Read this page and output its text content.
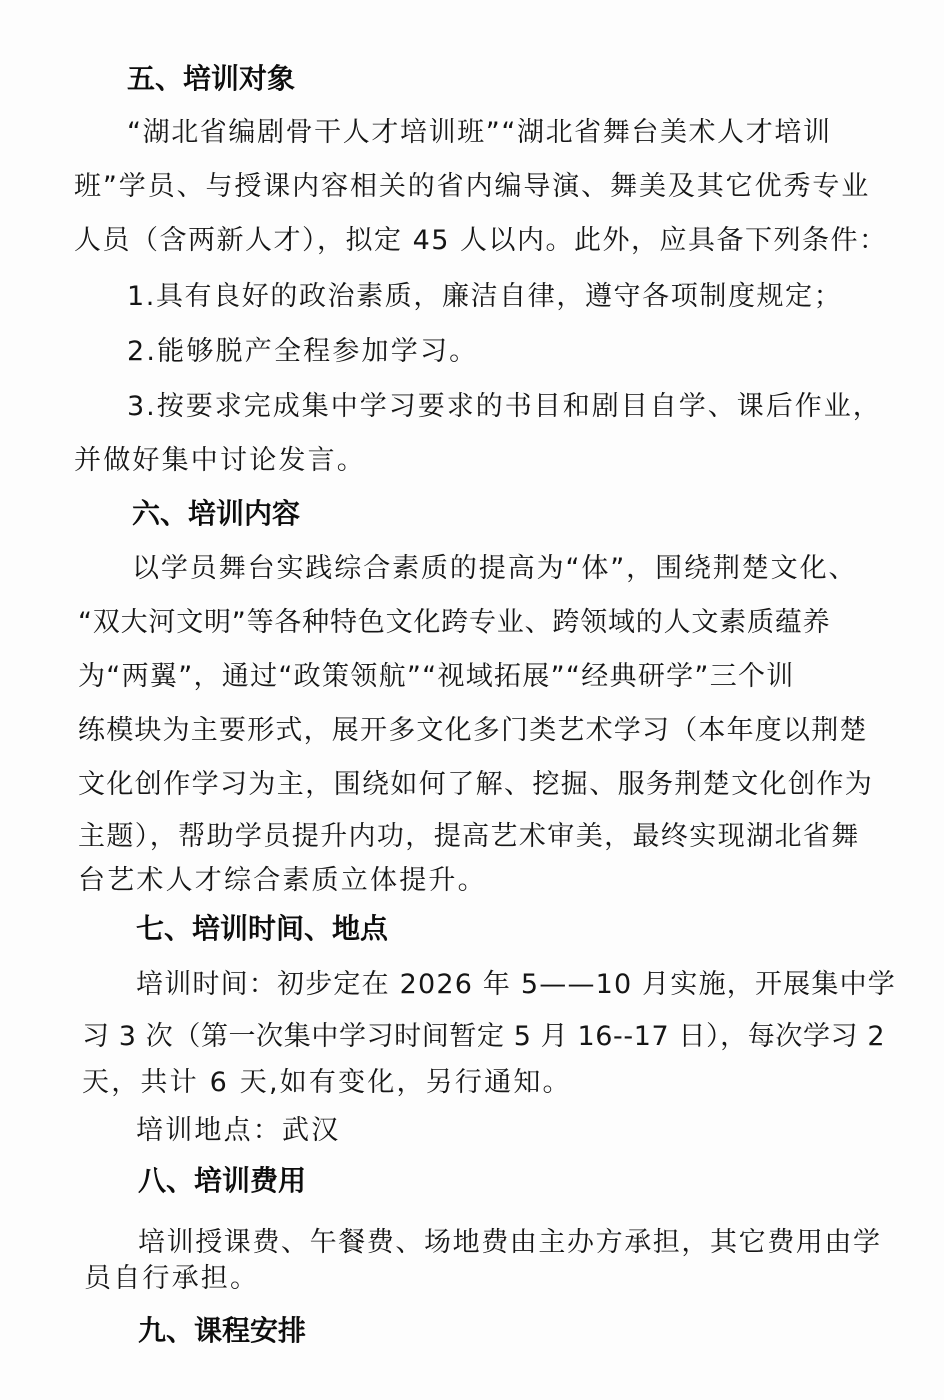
五、培训对象
“湖北省编剧骨干人才培训班”“湖北省舞台美术人才培训
班”学员、与授课内容相关的省内编导演、舞美及其它优秀专业
人员（含两新人才），拟定 45 人以内。此外，应具备下列条件：
1.具有良好的政治素质，廉洁自律，遵守各项制度规定；
2.能够脱产全程参加学习。
3.按要求完成集中学习要求的书目和剧目自学、课后作业，
并做好集中讨论发言。
六、培训内容
以学员舞台实践综合素质的提高为“体”，围绕荆楚文化、
“双大河文明”等各种特色文化跨专业、跨领域的人文素质蕴养
为“两翼”，通过“政策领航”“视域拓展”“经典研学”三个训
练模块为主要形式，展开多文化多门类艺术学习（本年度以荆楚
文化创作学习为主，围绕如何了解、挖掘、服务荆楚文化创作为
主题），帮助学员提升内功，提高艺术审美，最终实现湖北省舞
台艺术人才综合素质立体提升。
七、培训时间、地点
培训时间：初步定在 2026 年 5——10 月实施，开展集中学
习 3 次（第一次集中学习时间暂定 5 月 16--17 日），每次学习 2
天，共计 6 天,如有变化，另行通知。
培训地点：武汉
八、培训费用
培训授课费、午餐费、场地费由主办方承担，其它费用由学
员自行承担。
九、课程安排
